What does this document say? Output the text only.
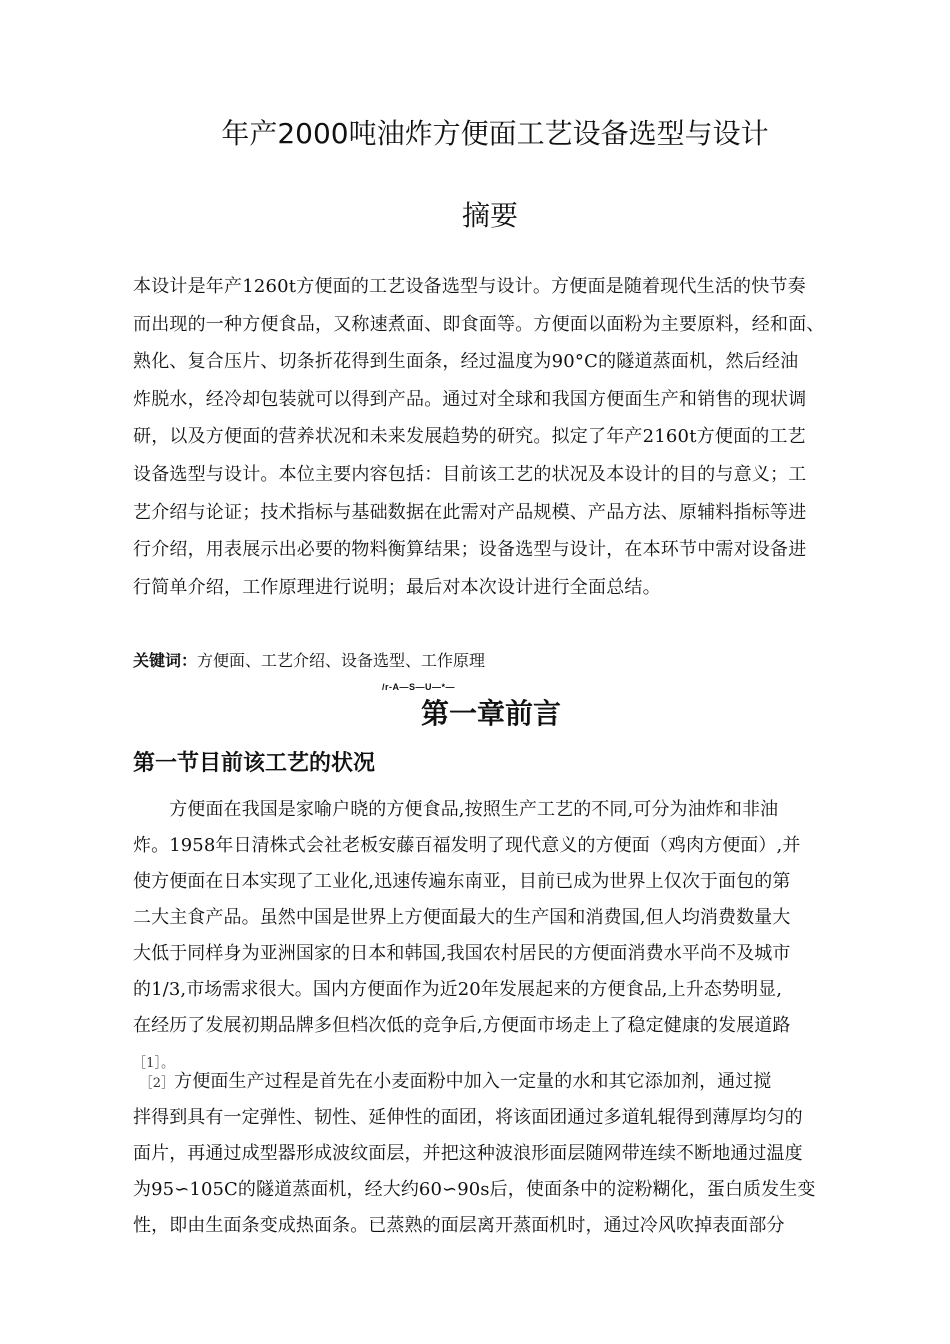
年产2000吨油炸方便面工艺设备选型与设计
摘要
本设计是年产1260t方便面的工艺设备选型与设计。方便面是随着现代生活的快节奏
而出现的一种方便食品，又称速煮面、即食面等。方便面以面粉为主要原料，经和面、
熟化、复合压片、切条折花得到生面条，经过温度为90°C的隧道蒸面机，然后经油
炸脱水，经冷却包装就可以得到产品。通过对全球和我国方便面生产和销售的现状调
研，以及方便面的营养状况和未来发展趋势的研究。拟定了年产2160t方便面的工艺
设备选型与设计。本位主要内容包括：目前该工艺的状况及本设计的目的与意义；工
艺介绍与论证；技术指标与基础数据在此需对产品规模、产品方法、原辅料指标等进
行介绍，用表展示出必要的物料衡算结果；设备选型与设计，在本环节中需对设备进
行简单介绍，工作原理进行说明；最后对本次设计进行全面总结。
关键词：方便面、工艺介绍、设备选型、工作原理
/r-A—S—U—*—
第一章前言
第一节目前该工艺的状况
　　方便面在我国是家喻户晓的方便食品,按照生产工艺的不同,可分为油炸和非油
炸。1958年日清株式会社老板安藤百福发明了现代意义的方便面（鸡肉方便面）,并
使方便面在日本实现了工业化,迅速传遍东南亚，目前已成为世界上仅次于面包的第
二大主食产品。虽然中国是世界上方便面最大的生产国和消费国,但人均消费数量大
大低于同样身为亚洲国家的日本和韩国,我国农村居民的方便面消费水平尚不及城市
的1/3,市场需求很大。国内方便面作为近20年发展起来的方便食品,上升态势明显,
在经历了发展初期品牌多但档次低的竞争后,方便面市场走上了稳定健康的发展道路
［1］。
　［2］方便面生产过程是首先在小麦面粉中加入一定量的水和其它添加剂，通过搅
拌得到具有一定弹性、韧性、延伸性的面团，将该面团通过多道轧辊得到薄厚均匀的
面片，再通过成型器形成波纹面层，并把这种波浪形面层随网带连续不断地通过温度
为95∽105C的隧道蒸面机，经大约60∽90s后，使面条中的淀粉糊化，蛋白质发生变
性，即由生面条变成热面条。已蒸熟的面层离开蒸面机时，通过冷风吹掉表面部分
